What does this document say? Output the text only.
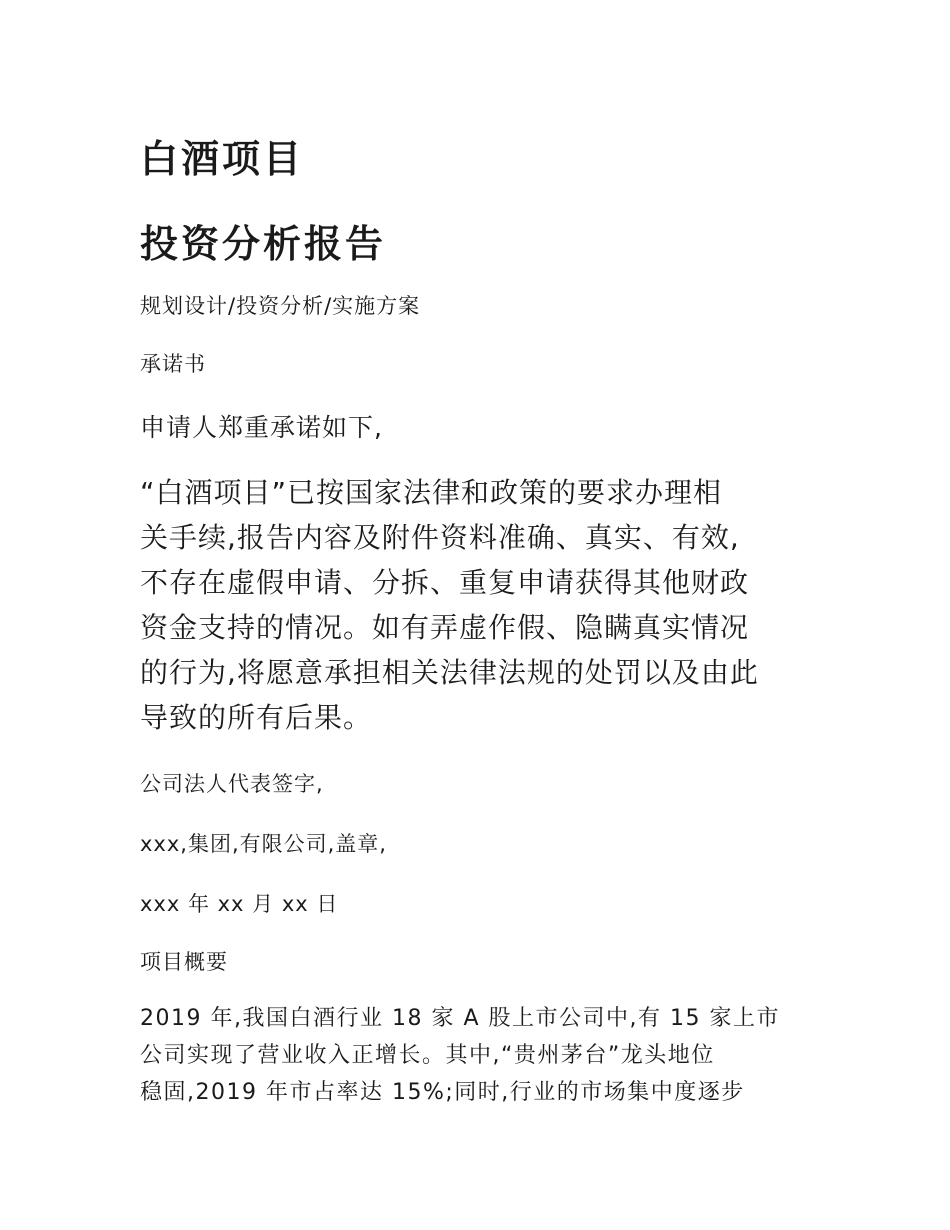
白酒项目
投资分析报告

规划设计/投资分析/实施方案

承诺书

申请人郑重承诺如下,

“白酒项目”已按国家法律和政策的要求办理相
关手续,报告内容及附件资料准确、真实、有效,
不存在虚假申请、分拆、重复申请获得其他财政
资金支持的情况。如有弄虚作假、隐瞒真实情况
的行为,将愿意承担相关法律法规的处罚以及由此
导致的所有后果。

公司法人代表签字,

xxx,集团,有限公司,盖章,

xxx 年 xx 月 xx 日

项目概要

2019 年,我国白酒行业 18 家 A 股上市公司中,有 15 家上市
公司实现了营业收入正增长。其中,“贵州茅台”龙头地位
稳固,2019 年市占率达 15%;同时,行业的市场集中度逐步
